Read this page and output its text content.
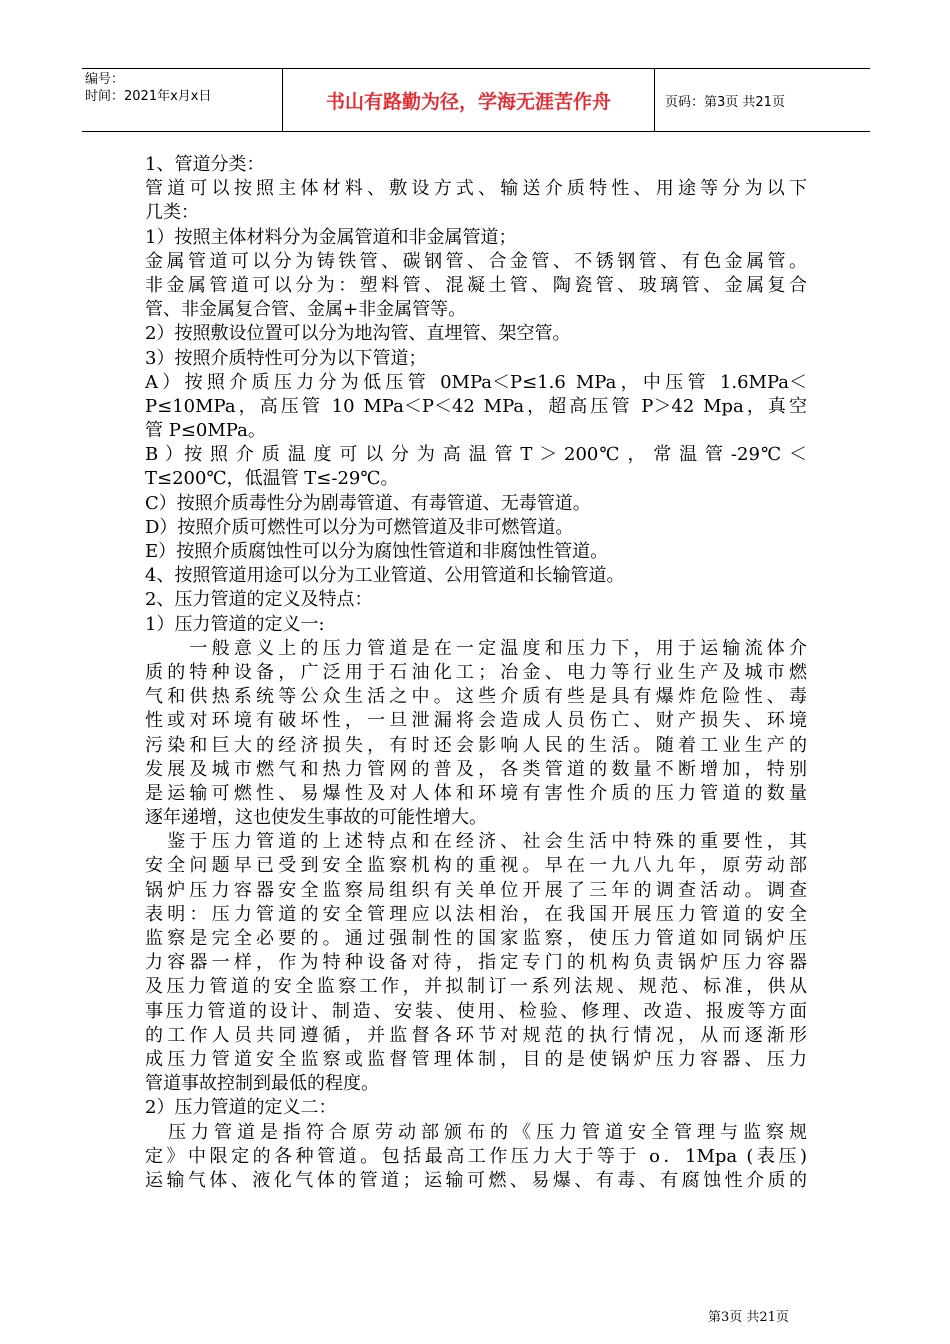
编号：
时间：2021年x月x日	书山有路勤为径，学海无涯苦作舟	页码：第3页 共21页
1、管道分类：
管道可以按照主体材料、敷设方式、输送介质特性、用途等分为以下
几类：
1）按照主体材料分为金属管道和非金属管道；
金属管道可以分为铸铁管、碳钢管、合金管、不锈钢管、有色金属管。
非金属管道可以分为：塑料管、混凝土管、陶瓷管、玻璃管、金属复合
管、非金属复合管、金属+非金属管等。
2）按照敷设位置可以分为地沟管、直埋管、架空管。
3）按照介质特性可分为以下管道；
A）按照介质压力分为低压管 0MPa＜P≤1.6 MPa，中压管 1.6MPa＜
P≤10MPa，高压管 10 MPa＜P＜42 MPa，超高压管 P＞42 Mpa，真空
管 P≤0MPa。
B ）按 照 介 质 温 度 可 以 分 为 高 温 管 T ＞ 200℃ ， 常 温 管 -29℃ ＜
T≤200℃，低温管 T≤-29℃。
C）按照介质毒性分为剧毒管道、有毒管道、无毒管道。
D）按照介质可燃性可以分为可燃管道及非可燃管道。
E）按照介质腐蚀性可以分为腐蚀性管道和非腐蚀性管道。
4、按照管道用途可以分为工业管道、公用管道和长输管道。
2、压力管道的定义及特点：
1）压力管道的定义一:
　　一般意义上的压力管道是在一定温度和压力下，用于运输流体介
质的特种设备，广泛用于石油化工；冶金、电力等行业生产及城市燃
气和供热系统等公众生活之中。这些介质有些是具有爆炸危险性、毒
性或对环境有破坏性，一旦泄漏将会造成人员伤亡、财产损失、环境
污染和巨大的经济损失，有时还会影响人民的生活。随着工业生产的
发展及城市燃气和热力管网的普及，各类管道的数量不断增加，特别
是运输可燃性、易爆性及对人体和环境有害性介质的压力管道的数量
逐年递增，这也使发生事故的可能性增大。
　鉴于压力管道的上述特点和在经济、社会生活中特殊的重要性，其
安全问题早已受到安全监察机构的重视。早在一九八九年，原劳动部
锅炉压力容器安全监察局组织有关单位开展了三年的调查活动。调查
表明：压力管道的安全管理应以法相治，在我国开展压力管道的安全
监察是完全必要的。通过强制性的国家监察，使压力管道如同锅炉压
力容器一样，作为特种设备对待，指定专门的机构负责锅炉压力容器
及压力管道的安全监察工作，并拟制订一系列法规、规范、标准，供从
事压力管道的设计、制造、安装、使用、检验、修理、改造、报废等方面
的工作人员共同遵循，并监督各环节对规范的执行情况，从而逐渐形
成压力管道安全监察或监督管理体制，目的是使锅炉压力容器、压力
管道事故控制到最低的程度。
2）压力管道的定义二：
　压力管道是指符合原劳动部颁布的《压力管道安全管理与监察规
定》中限定的各种管道。包括最高工作压力大于等于 o．1Mpa (表压)
运输气体、液化气体的管道；运输可燃、易爆、有毒、有腐蚀性介质的
第3页 共21页
